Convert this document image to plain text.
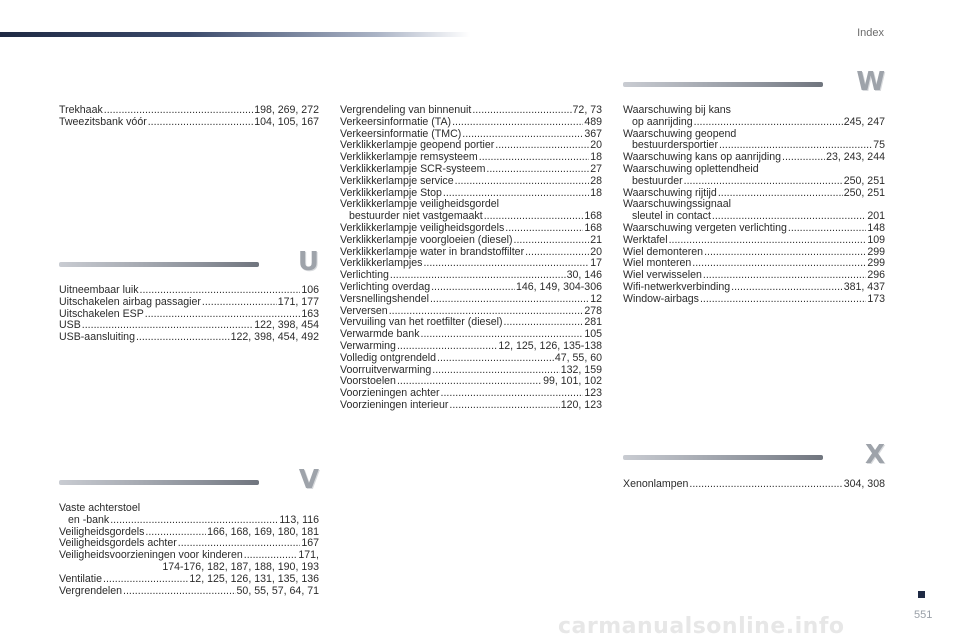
Index
Trekhaak .....	198, 269, 272
Tweezitsbank vóór .....	104, 105, 167
U
Uitneembaar luik .....	106
Uitschakelen airbag passagier .....	171, 177
Uitschakelen ESP .....	163
USB .....	122, 398, 454
USB-aansluiting .....	122, 398, 454, 492
V
Vaste achterstoel
en -bank .....	113, 116
Veiligheidsgordels .....	166, 168, 169, 180, 181
Veiligheidsgordels achter .....	167
Veiligheidsvoorzieningen voor kinderen .....	171,
174-176, 182, 187, 188, 190, 193
Ventilatie .....	12, 125, 126, 131, 135, 136
Vergrendelen .....	50, 55, 57, 64, 71
Vergrendeling van binnenuit .....	72, 73
Verkeersinformatie (TA) .....	489
Verkeersinformatie (TMC) .....	367
Verklikkerlampje geopend portier .....	20
Verklikkerlampje remsysteem .....	18
Verklikkerlampje SCR-systeem .....	27
Verklikkerlampje service .....	28
Verklikkerlampje Stop .....	18
Verklikkerlampje veiligheidsgordel
bestuurder niet vastgemaakt .....	168
Verklikkerlampje veiligheidsgordels .....	168
Verklikkerlampje voorgloeien (diesel) .....	21
Verklikkerlampje water in brandstoffilter .....	20
Verklikkerlampjes .....	17
Verlichting .....	30, 146
Verlichting overdag .....	146, 149, 304-306
Versnellingshendel .....	12
Verversen .....	278
Vervuiling van het roetfilter (diesel) .....	281
Verwarmde bank .....	105
Verwarming .....	12, 125, 126, 135-138
Volledig ontgrendeld .....	47, 55, 60
Voorruitverwarming .....	132, 159
Voorstoelen .....	99, 101, 102
Voorzieningen achter .....	123
Voorzieningen interieur .....	120, 123
W
Waarschuwing bij kans
op aanrijding .....	245, 247
Waarschuwing geopend
bestuurdersportier .....	75
Waarschuwing kans op aanrijding .....	23, 243, 244
Waarschuwing oplettendheid
bestuurder .....	250, 251
Waarschuwing rijtijd .....	250, 251
Waarschuwingssignaal
sleutel in contact .....	201
Waarschuwing vergeten verlichting .....	148
Werktafel .....	109
Wiel demonteren .....	299
Wiel monteren .....	299
Wiel verwisselen .....	296
Wifi-netwerkverbinding .....	381, 437
Window-airbags .....	173
X
Xenonlampen .....	304, 308
carmanualsonline.info	551
